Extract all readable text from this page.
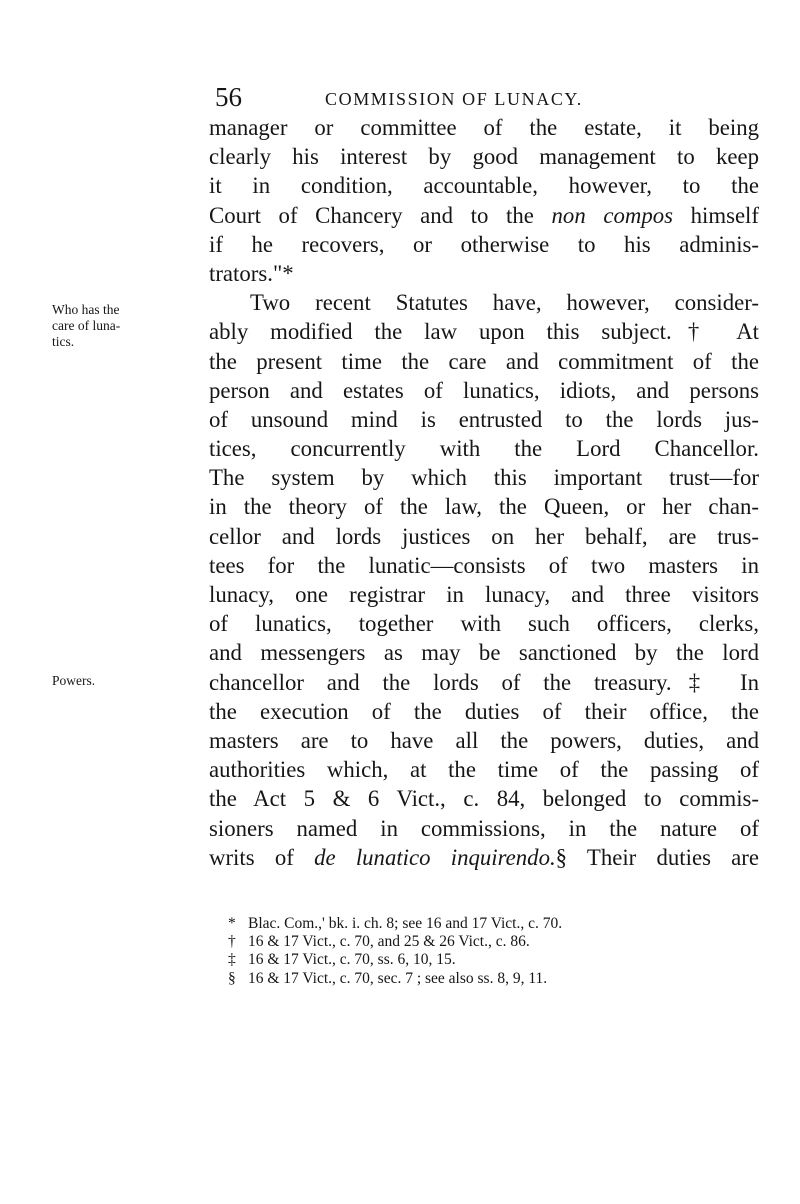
56	COMMISSION OF LUNACY.
Who has the
care of luna-
tics.
Powers.
manager or committee of the estate, it being
clearly his interest by good management to keep
it in condition, accountable, however, to the
Court of Chancery and to the non compos himself
if he recovers, or otherwise to his adminis-
trators."*
Two recent Statutes have, however, consider-
ably modified the law upon this subject.† At
the present time the care and commitment of the
person and estates of lunatics, idiots, and persons
of unsound mind is entrusted to the lords jus-
tices, concurrently with the Lord Chancellor.
The system by which this important trust—for
in the theory of the law, the Queen, or her chan-
cellor and lords justices on her behalf, are trus-
tees for the lunatic—consists of two masters in
lunacy, one registrar in lunacy, and three visitors
of lunatics, together with such officers, clerks,
and messengers as may be sanctioned by the lord
chancellor and the lords of the treasury.‡ In
the execution of the duties of their office, the
masters are to have all the powers, duties, and
authorities which, at the time of the passing of
the Act 5 & 6 Vict., c. 84, belonged to commis-
sioners named in commissions, in the nature of
writs of de lunatico inquirendo.§ Their duties are
* Blac. Com.,' bk. i. ch. 8; see 16 and 17 Vict., c. 70.
† 16 & 17 Vict., c. 70, and 25 & 26 Vict., c. 86.
‡ 16 & 17 Vict., c. 70, ss. 6, 10, 15.
§ 16 & 17 Vict., c. 70, sec. 7 ; see also ss. 8, 9, 11.
